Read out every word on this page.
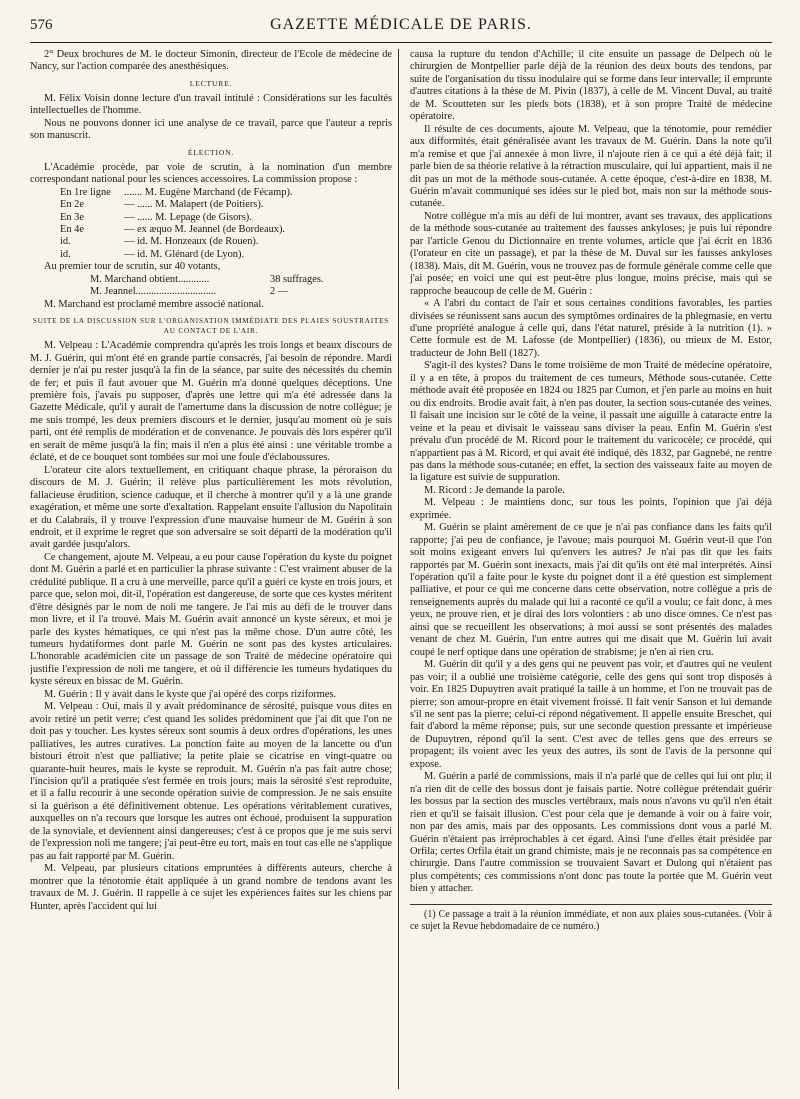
576	GAZETTE MÉDICALE DE PARIS.

2° Deux brochures de M. le docteur Simonin, directeur de l'Ecole de médecine de Nancy, sur l'action comparée des anesthésiques.

LECTURE.

M. Félix Voisin donne lecture d'un travail intitulé : Considérations sur les facultés intellectuelles de l'homme.

Nous ne pouvons donner ici une analyse de ce travail, parce que l'auteur a repris son manuscrit.

ÉLECTION.

L'Académie procède, par voie de scrutin, à la nomination d'un membre correspondant national pour les sciences accessoires. La commission propose :

En 1re ligne	....... M. Eugène Marchand (de Fécamp).
En 2e	— ...... M. Malapert (de Poitiers).
En 3e	— ...... M. Lepage (de Gisors).
En 4e	— ex æquo M. Jeannel (de Bordeaux).
id.	— id. M. Honzeaux (de Rouen).
id.	— id. M. Glénard (de Lyon).

Au premier tour de scrutin, sur 40 votants,

M. Marchand obtient............	38 suffrages.
M. Jeannel...............................	2 —

M. Marchand est proclamé membre associé national.

SUITE DE LA DISCUSSION SUR L'ORGANISATION IMMÉDIATE DES PLAIES SOUSTRAITES AU CONTACT DE L'AIR.

M. Velpeau : L'Académie comprendra qu'après les trois longs et beaux discours de M. J. Guérin, qui m'ont été en grande partie consacrés, j'ai besoin de répondre. Mardi dernier je n'ai pu rester jusqu'à la fin de la séance, par suite des nécessités du chemin de fer; et puis il faut avouer que M. Guérin m'a donné quelques déceptions. Une première fois, j'avais pu supposer, d'après une lettre qui m'a été adressée dans la Gazette Médicale, qu'il y aurait de l'amertume dans la discussion de notre collègue; je me suis trompé, les deux premiers discours et le dernier, jusqu'au moment où je suis parti, ont été remplis de modération et de convenance. Je pouvais dès lors espérer qu'il en serait de même jusqu'à la fin; mais il n'en a plus été ainsi : une véritable trombe a éclaté, et de ce bouquet sont tombées sur moi une foule d'éclaboussures.

L'orateur cite alors textuellement, en critiquant chaque phrase, la péroraison du discours de M. J. Guérin; il relève plus particulièrement les mots révolution, fallacieuse érudition, science caduque, et il cherche à montrer qu'il y a là une grande exagération, et même une sorte d'exaltation. Rappelant ensuite l'allusion du Napolitain et du Calabrais, il y trouve l'expression d'une mauvaise humeur de M. Guérin à son endroit, et il exprime le regret que son adversaire se soit départi de la modération qu'il avait gardée jusqu'alors.

Ce changement, ajoute M. Velpeau, a eu pour cause l'opération du kyste du poignet dont M. Guérin a parlé et en particulier la phrase suivante : C'est vraiment abuser de la crédulité publique. Il a cru à une merveille, parce qu'il a guéri ce kyste en trois jours, et parce que, selon moi, dit-il, l'opération est dangereuse, de sorte que ces kystes méritent d'être désignés par le nom de noli me tangere. Je l'ai mis au défi de le trouver dans mon livre, et il l'a trouvé. Mais M. Guérin avait annoncé un kyste séreux, et moi je parle des kystes hématiques, ce qui n'est pas la même chose. D'un autre côté, les tumeurs hydatiformes dont parle M. Guérin ne sont pas des kystes articulaires. L'honorable académicien cite un passage de son Traité de médecine opératoire qui justifie l'expression de noli me tangere, et où il différencie les tumeurs hydatiques du kyste séreux en bissac de M. Guérin.

M. Guérin : Il y avait dans le kyste que j'ai opéré des corps riziformes.

M. Velpeau : Oui, mais il y avait prédominance de sérosité, puisque vous dites en avoir retiré un petit verre; c'est quand les solides prédominent que j'ai dit que l'on ne doit pas y toucher. Les kystes séreux sont soumis à deux ordres d'opérations, les unes palliatives, les autres curatives. La ponction faite au moyen de la lancette ou d'un bistouri étroit n'est que palliative; la petite plaie se cicatrise en vingt-quatre ou quarante-huit heures, mais le kyste se reproduit. M. Guérin n'a pas fait autre chose; l'incision qu'il a pratiquée s'est fermée en trois jours; mais la sérosité s'est reproduite, et il a fallu recourir à une seconde opération suivie de compression. Je ne sais ensuite si la guérison a été définitivement obtenue. Les opérations véritablement curatives, auxquelles on n'a recours que lorsque les autres ont échoué, produisent la suppuration de la synoviale, et deviennent ainsi dangereuses; c'est à ce propos que je me suis servi de l'expression noli me tangere; j'ai peut-être eu tort, mais en tout cas elle ne s'applique pas au fait rapporté par M. Guérin.

M. Velpeau, par plusieurs citations empruntées à différents auteurs, cherche à montrer que la ténotomie était appliquée à un grand nombre de tendons avant les travaux de M. J. Guérin. Il rappelle à ce sujet les expériences faites sur les chiens par Hunter, après l'accident qui lui

causa la rupture du tendon d'Achille; il cite ensuite un passage de Delpech où le chirurgien de Montpellier parle déjà de la réunion des deux bouts des tendons, par suite de l'organisation du tissu inodulaire qui se forme dans leur intervalle; il emprunte d'autres citations à la thèse de M. Pivin (1837), à celle de M. Vincent Duval, au traité de M. Scoutteten sur les pieds bots (1838), et à son propre Traité de médecine opératoire.

Il résulte de ces documents, ajoute M. Velpeau, que la ténotomie, pour remédier aux difformités, était généralisée avant les travaux de M. Guérin. Dans la note qu'il m'a remise et que j'ai annexée à mon livre, il n'ajoute rien à ce qui a été déjà fait; il parle bien de sa théorie relative à la rétraction musculaire, qui lui appartient, mais il ne dit pas un mot de la méthode sous-cutanée. A cette époque, c'est-à-dire en 1838, M. Guérin m'avait communiqué ses idées sur le pied bot, mais non sur la méthode sous-cutanée.

Notre collègue m'a mis au défi de lui montrer, avant ses travaux, des applications de la méthode sous-cutanée au traitement des fausses ankyloses; je puis lui répondre par l'article Genou du Dictionnaire en trente volumes, article que j'ai écrit en 1836 (l'orateur en cite un passage), et par la thèse de M. Duval sur les fausses ankyloses (1838). Mais, dit M. Guérin, vous ne trouvez pas de formule générale comme celle que j'ai posée; en voici une qui est peut-être plus longue, moins précise, mais qui se rapproche beaucoup de celle de M. Guérin :

« A l'abri du contact de l'air et sous certaines conditions favorables, les parties divisées se réunissent sans aucun des symptômes ordinaires de la phlegmasie, en vertu d'une propriété analogue à celle qui, dans l'état naturel, préside à la nutrition (1). » Cette formule est de M. Lafosse (de Montpellier) (1836), ou mieux de M. Estor, traducteur de John Bell (1827).

S'agit-il des kystes? Dans le tome troisième de mon Traité de médecine opératoire, il y a en tête, à propos du traitement de ces tumeurs, Méthode sous-cutanée. Cette méthode avait été proposée en 1824 ou 1825 par Cumon, et j'en parle au moins en huit ou dix endroits. Brodie avait fait, à n'en pas douter, la section sous-cutanée des veines. Il faisait une incision sur le côté de la veine, il passait une aiguille à cataracte entre la veine et la peau et divisait le vaisseau sans diviser la peau. Enfin M. Guérin s'est prévalu d'un procédé de M. Ricord pour le traitement du varicocèle; ce procédé, qui n'appartient pas à M. Ricord, et qui avait été indiqué, dès 1832, par Gagnebé, ne rentre pas dans la méthode sous-cutanée; en effet, la section des vaisseaux faite au moyen de la ligature est suivie de suppuration.

M. Ricord : Je demande la parole.

M. Velpeau : Je maintiens donc, sur tous les points, l'opinion que j'ai déjà exprimée.

M. Guérin se plaint amèrement de ce que je n'ai pas confiance dans les faits qu'il rapporte; j'ai peu de confiance, je l'avoue; mais pourquoi M. Guérin veut-il que l'on soit moins exigeant envers lui qu'envers les autres? Je n'ai pas dit que les faits rapportés par M. Guérin sont inexacts, mais j'ai dit qu'ils ont été mal interprétés. Ainsi l'opération qu'il a faite pour le kyste du poignet dont il a été question est simplement palliative, et pour ce qui me concerne dans cette observation, notre collègue a pris de renseignements auprès du malade qui lui a raconté ce qu'il a voulu; ce fait donc, à mes yeux, ne prouve rien, et je dirai des lors volontiers : ab uno disce omnes. Ce n'est pas ainsi que se recueillent les observations; à moi aussi se sont présentés des malades venant de chez M. Guérin, l'un entre autres qui me disait que M. Guérin lui avait coupé le nerf optique dans une opération de strabisme; je n'en ai rien cru.

M. Guérin dit qu'il y a des gens qui ne peuvent pas voir, et d'autres qui ne veulent pas voir; il a oublié une troisième catégorie, celle des gens qui sont trop disposés à voir. En 1825 Dupuytren avait pratiqué la taille à un homme, et l'on ne trouvait pas de pierre; son amour-propre en était vivement froissé. Il fait venir Sanson et lui demande s'il ne sent pas la pierre; celui-ci répond négativement. Il appelle ensuite Breschet, qui fait d'abord la même réponse; puis, sur une seconde question pressante et impérieuse de Dupuytren, répond qu'il la sent. C'est avec de telles gens que des erreurs se propagent; ils voient avec les yeux des autres, ils sont de l'avis de la personne qui expose.

M. Guérin a parlé de commissions, mais il n'a parlé que de celles qui lui ont plu; il n'a rien dit de celle des bossus dont je faisais partie. Notre collègue prétendait guérir les bossus par la section des muscles vertébraux, mais nous n'avons vu qu'il n'en était rien et qu'il se faisait illusion. C'est pour cela que je demande à voir ou à faire voir, non par des amis, mais par des opposants. Les commissions dont vous a parlé M. Guérin n'étaient pas irréprochables à cet égard. Ainsi l'une d'elles était présidée par Orfila; certes Orfila était un grand chimiste, mais je ne reconnais pas sa compétence en chirurgie. Dans l'autre commission se trouvaient Savart et Dulong qui n'étaient pas plus compétents; ces commissions n'ont donc pas toute la portée que M. Guérin veut bien y attacher.

(1) Ce passage a trait à la réunion immédiate, et non aux plaies sous-cutanées. (Voir à ce sujet la Revue hebdomadaire de ce numéro.)
